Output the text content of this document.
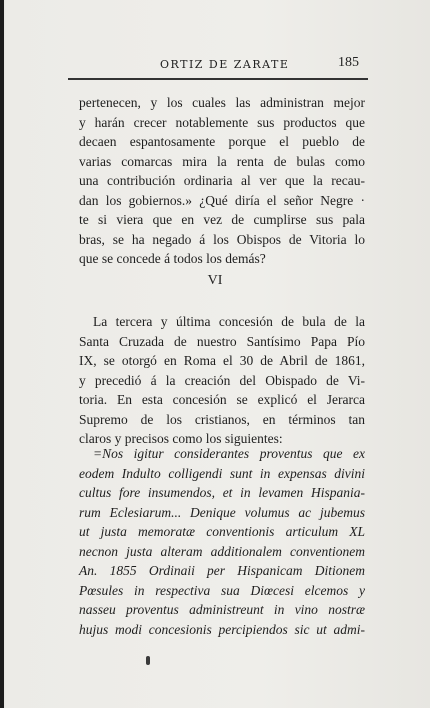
ORTIZ DE ZARATE	185
pertenecen, y los cuales las administran mejor
y harán crecer notablemente sus productos que
decaen espantosamente porque el pueblo de
varias comarcas mira la renta de bulas como
una contribución ordinaria al ver que la recau-
dan los gobiernos.» ¿Qué diría el señor Negre ·
te si viera que en vez de cumplirse sus pala
bras, se ha negado á los Obispos de Vitoria lo
que se concede á todos los demás?
VI
La tercera y última concesión de bula de la
Santa Cruzada de nuestro Santísimo Papa Pío
IX, se otorgó en Roma el 30 de Abril de 1861,
y precedió á la creación del Obispado de Vi-
toria. En esta concesión se explicó el Jerarca
Supremo de los cristianos, en términos tan
claros y precisos como los siguientes:
=Nos igitur considerantes proventus que ex
eodem Indulto colligendi sunt in expensas divini
cultus fore insumendos, et in levamen Hispania-
rum Eclesiarum... Denique volumus ac jubemus
ut justa memoratæ conventionis articulum XL
necnon justa alteram additionalem conventionem
An. 1855 Ordinaii per Hispanicam Ditionem
Pœsules in respectiva sua Diœcesi elcemos y
nasseu proventus administreunt in vino nostræ
hujus modi concesionis percipiendos sic ut admi-
